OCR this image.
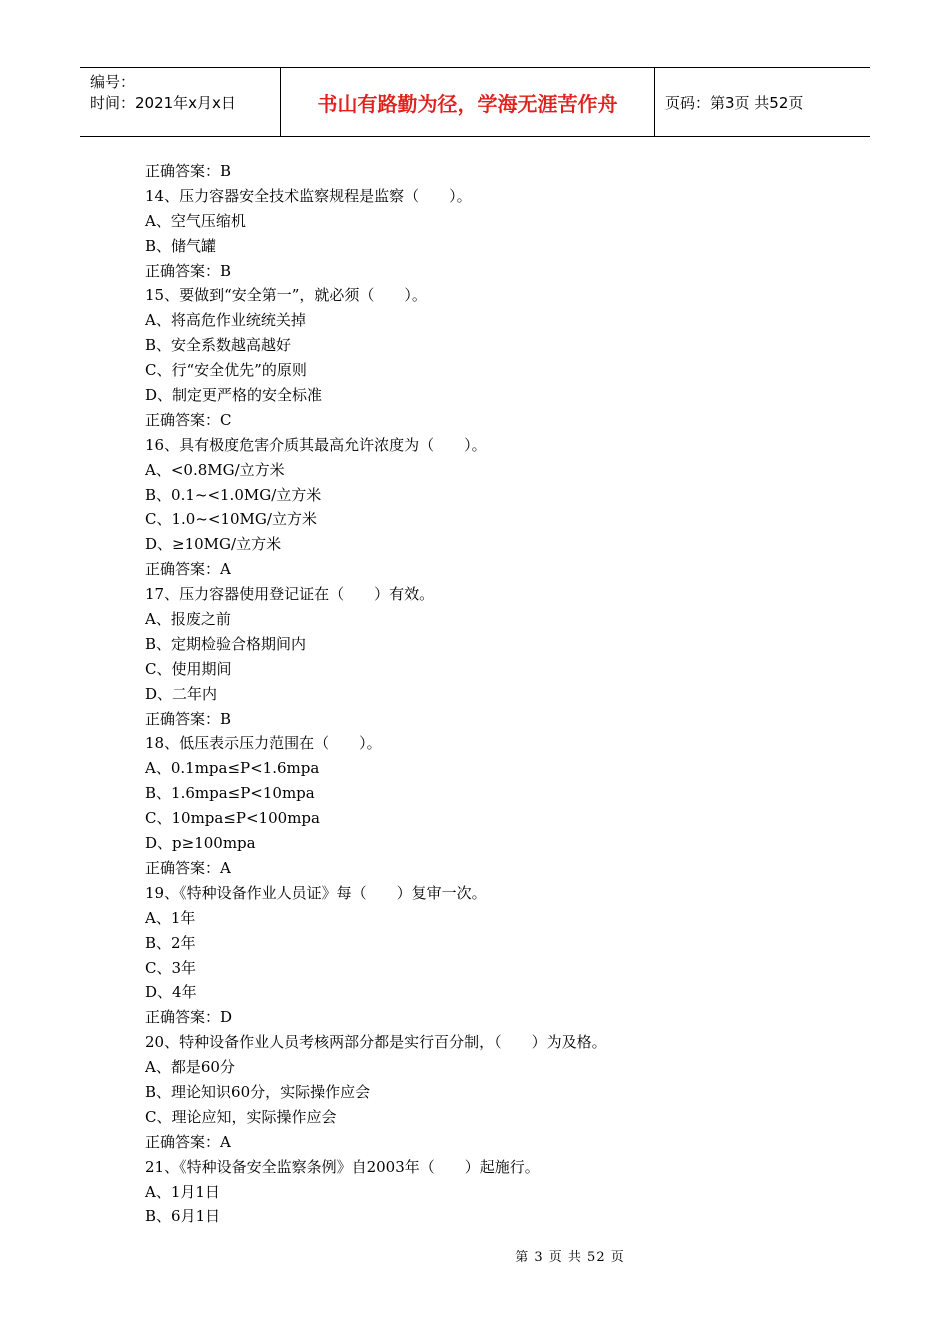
编号：
时间：2021年x月x日	书山有路勤为径，学海无涯苦作舟	页码：第3页 共52页
正确答案：B
14、压力容器安全技术监察规程是监察（　　）。
A、空气压缩机
B、储气罐
正确答案：B
15、要做到“安全第一”，就必须（　　）。
A、将高危作业统统关掉
B、安全系数越高越好
C、行“安全优先”的原则
D、制定更严格的安全标准
正确答案：C
16、具有极度危害介质其最高允许浓度为（　　）。
A、<0.8MG/立方米
B、0.1~<1.0MG/立方米
C、1.0~<10MG/立方米
D、≥10MG/立方米
正确答案：A
17、压力容器使用登记证在（　　）有效。
A、报废之前
B、定期检验合格期间内
C、使用期间
D、二年内
正确答案：B
18、低压表示压力范围在（　　）。
A、0.1mpa≤P<1.6mpa
B、1.6mpa≤P<10mpa
C、10mpa≤P<100mpa
D、p≥100mpa
正确答案：A
19、《特种设备作业人员证》每（　　）复审一次。
A、1年
B、2年
C、3年
D、4年
正确答案：D
20、特种设备作业人员考核两部分都是实行百分制，（　　）为及格。
A、都是60分
B、理论知识60分，实际操作应会
C、理论应知，实际操作应会
正确答案：A
21、《特种设备安全监察条例》自2003年（　　）起施行。
A、1月1日
B、6月1日
第 3 页 共 52 页
